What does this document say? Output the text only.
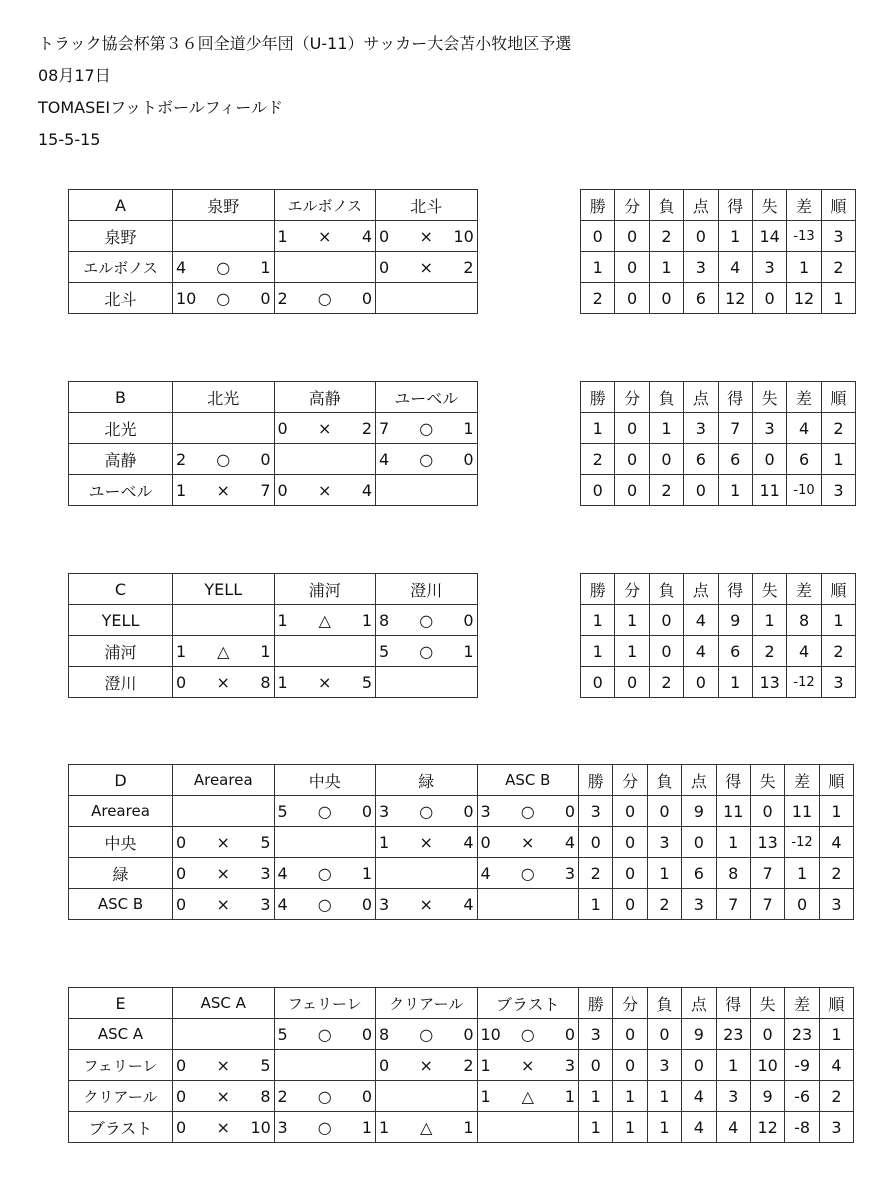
トラック協会杯第３６回全道少年団（U-11）サッカー大会苫小牧地区予選
08月17日
TOMASEIフットボールフィールド
15-5-15
A	泉野	エルボノス	北斗
泉野		1 × 4	0 × 10

エルボノス	4 ○ 1		0 × 2

北斗	10 ○ 0	2 ○ 0	

勝	分	負	点	得	失	差	順
0	0	2	0	1	14	-13	3
1	0	1	3	4	3	1	2
2	0	0	6	12	0	12	1
B	北光	高静	ユーベル
北光		0 × 2	7 ○ 1

高静	2 ○ 0		4 ○ 0

ユーベル	1 × 7	0 × 4	

勝	分	負	点	得	失	差	順
1	0	1	3	7	3	4	2
2	0	0	6	6	0	6	1
0	0	2	0	1	11	-10	3
C	YELL	浦河	澄川
YELL		1 △ 1	8 ○ 0

浦河	1 △ 1		5 ○ 1

澄川	0 × 8	1 × 5	

勝	分	負	点	得	失	差	順
1	1	0	4	9	1	8	1
1	1	0	4	6	2	4	2
0	0	2	0	1	13	-12	3
D	Arearea	中央	緑	ASC B	勝	分	負	点	得	失	差	順
Arearea		5 ○ 0	3 ○ 0	3 ○ 0	3	0	0	9	11	0	11	1
中央	0 × 5		1 × 4	0 × 4	0	0	3	0	1	13	-12	4
緑	0 × 3	4 ○ 1		4 ○ 3	2	0	1	6	8	7	1	2
ASC B	0 × 3	4 ○ 0	3 × 4		1	0	2	3	7	7	0	3
E	ASC A	フェリーレ	クリアール	ブラスト	勝	分	負	点	得	失	差	順
ASC A		5 ○ 0	8 ○ 0	10 ○ 0	3	0	0	9	23	0	23	1
フェリーレ	0 × 5		0 × 2	1 × 3	0	0	3	0	1	10	-9	4
クリアール	0 × 8	2 ○ 0		1 △ 1	1	1	1	4	3	9	-6	2
ブラスト	0 × 10	3 ○ 1	1 △ 1		1	1	1	4	4	12	-8	3
